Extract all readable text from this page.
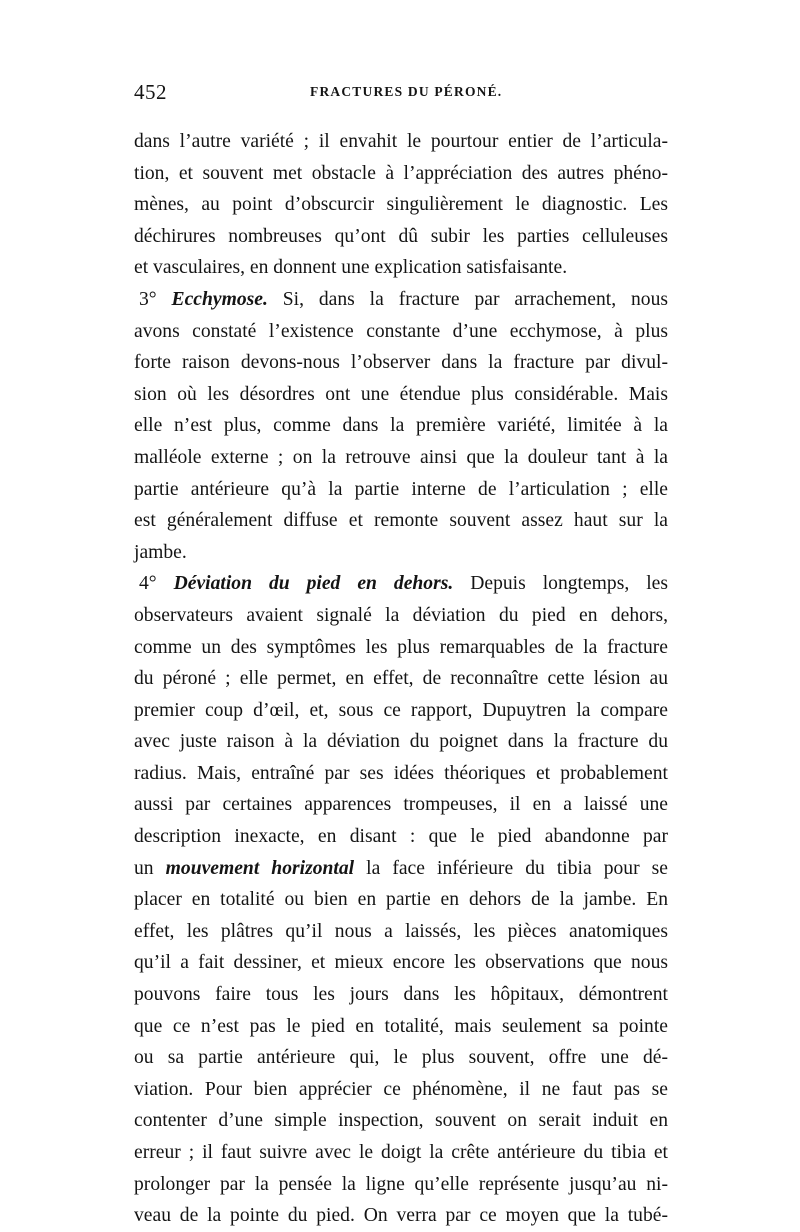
452	FRACTURES DU PÉRONÉ.
dans l’autre variété ; il envahit le pourtour entier de l’articula-
tion, et souvent met obstacle à l’appréciation des autres phéno-
mènes, au point d’obscurcir singulièrement le diagnostic. Les
déchirures nombreuses qu’ont dû subir les parties celluleuses
et vasculaires, en donnent une explication satisfaisante.
3° Ecchymose. Si, dans la fracture par arrachement, nous
avons constaté l’existence constante d’une ecchymose, à plus
forte raison devons-nous l’observer dans la fracture par divul-
sion où les désordres ont une étendue plus considérable. Mais
elle n’est plus, comme dans la première variété, limitée à la
malléole externe ; on la retrouve ainsi que la douleur tant à la
partie antérieure qu’à la partie interne de l’articulation ; elle
est généralement diffuse et remonte souvent assez haut sur la
jambe.
4° Déviation du pied en dehors. Depuis longtemps, les
observateurs avaient signalé la déviation du pied en dehors,
comme un des symptômes les plus remarquables de la fracture
du péroné ; elle permet, en effet, de reconnaître cette lésion au
premier coup d’œil, et, sous ce rapport, Dupuytren la compare
avec juste raison à la déviation du poignet dans la fracture du
radius. Mais, entraîné par ses idées théoriques et probablement
aussi par certaines apparences trompeuses, il en a laissé une
description inexacte, en disant : que le pied abandonne par
un mouvement horizontal la face inférieure du tibia pour se
placer en totalité ou bien en partie en dehors de la jambe. En
effet, les plâtres qu’il nous a laissés, les pièces anatomiques
qu’il a fait dessiner, et mieux encore les observations que nous
pouvons faire tous les jours dans les hôpitaux, démontrent
que ce n’est pas le pied en totalité, mais seulement sa pointe
ou sa partie antérieure qui, le plus souvent, offre une dé-
viation. Pour bien apprécier ce phénomène, il ne faut pas se
contenter d’une simple inspection, souvent on serait induit en
erreur ; il faut suivre avec le doigt la crête antérieure du tibia et
prolonger par la pensée la ligne qu’elle représente jusqu’au ni-
veau de la pointe du pied. On verra par ce moyen que la tubé-
